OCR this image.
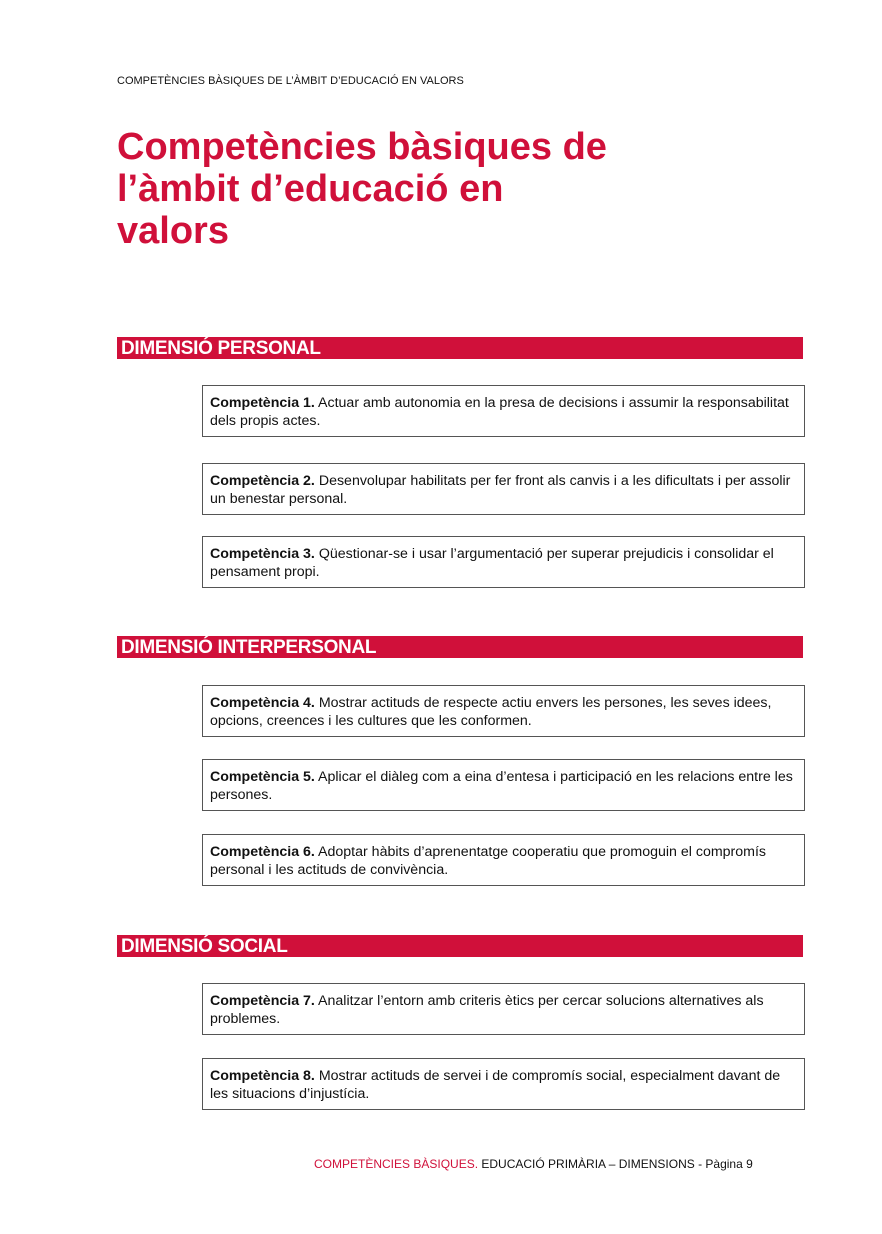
COMPETÈNCIES BÀSIQUES DE L’ÀMBIT D’EDUCACIÓ EN VALORS
Competències bàsiques de
l’àmbit d’educació en
valors
DIMENSIÓ PERSONAL
Competència 1. Actuar amb autonomia en la presa de decisions i assumir la responsabilitat dels propis actes.
Competència 2. Desenvolupar habilitats per fer front als canvis i a les dificultats i per assolir un benestar personal.
Competència 3. Qüestionar-se i usar l’argumentació per superar prejudicis i consolidar el pensament propi.
DIMENSIÓ INTERPERSONAL
Competència 4. Mostrar actituds de respecte actiu envers les persones, les seves idees, opcions, creences i les cultures que les conformen.
Competència 5. Aplicar el diàleg com a eina d’entesa i participació en les relacions entre les persones.
Competència 6. Adoptar hàbits d’aprenentatge cooperatiu que promoguin el compromís personal i les actituds de convivència.
DIMENSIÓ SOCIAL
Competència 7. Analitzar l’entorn amb criteris ètics per cercar solucions alternatives als problemes.
Competència 8. Mostrar actituds de servei i de compromís social, especialment davant de les situacions d’injustícia.
COMPETÈNCIES BÀSIQUES. EDUCACIÓ PRIMÀRIA – DIMENSIONS - Pàgina 9
